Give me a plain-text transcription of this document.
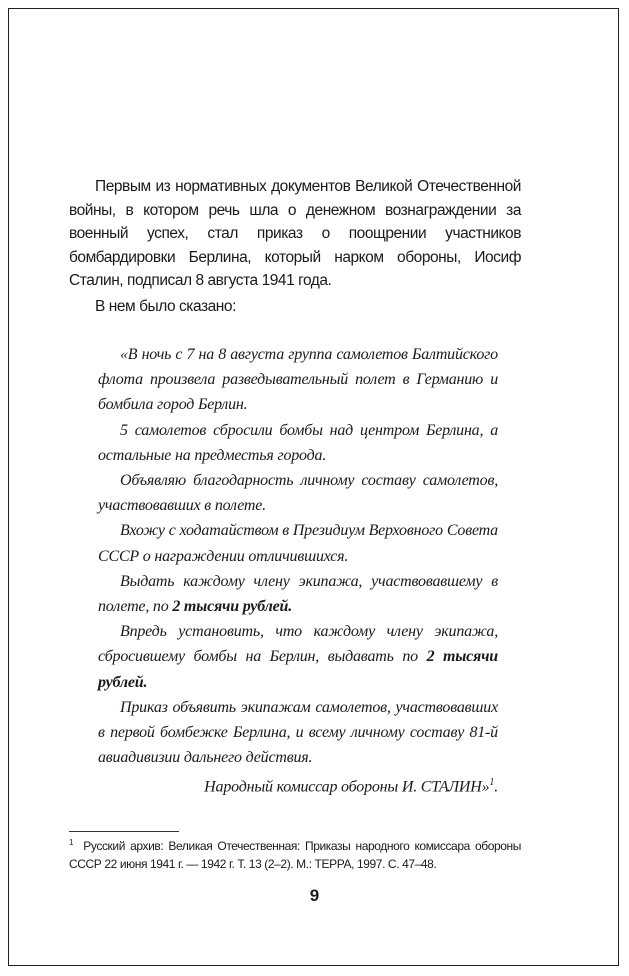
Первым из нормативных документов Великой Отечественной войны, в котором речь шла о денежном вознаграждении за военный успех, стал приказ о поощрении участников бомбардировки Берлина, который нарком обороны, Иосиф Сталин, подписал 8 августа 1941 года.

В нем было сказано:

«В ночь с 7 на 8 августа группа самолетов Балтийского флота произвела разведывательный полет в Германию и бомбила город Берлин.

5 самолетов сбросили бомбы над центром Берлина, а остальные на предместья города.

Объявляю благодарность личному составу самолетов, участвовавших в полете.

Вхожу с ходатайством в Президиум Верховного Совета СССР о награждении отличившихся.

Выдать каждому члену экипажа, участвовавшему в полете, по 2 тысячи рублей.

Впредь установить, что каждому члену экипажа, сбросившему бомбы на Берлин, выдавать по 2 тысячи рублей.

Приказ объявить экипажам самолетов, участвовавших в первой бомбежке Берлина, и всему личному составу 81-й авиадивизии дальнего действия.

Народный комиссар обороны И. СТАЛИН»$^1$.

$^1$ Русский архив: Великая Отечественная: Приказы народного комиссара обороны СССР 22 июня 1941 г. — 1942 г. Т. 13 (2–2). М.: ТЕРРА, 1997. С. 47–48.

9
